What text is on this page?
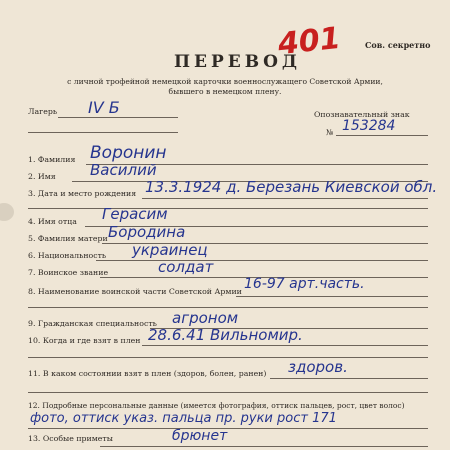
401	Сов. секретно
ПЕРЕВОД
с личной трофейной немецкой карточки военнослужащего Советской Армии,
бывшего в немецком плену.
Лагерь IV Б	Опознавательный знак
№ 153284
1. Фамилия Воронин
2. Имя Василий
3. Дата и место рождения 13.3.1924 д. Березань Киевской обл.
4. Имя отца Герасим
5. Фамилия матери Бородина
6. Национальность украинец
7. Воинское звание	солдат
8. Наименование воинской части Советской Армии 16-97 арт.часть.
9. Гражданская специальность агроном
10. Когда и где взят в плен 28.6.41 Вильномир.
11. В каком состоянии взят в плен (здоров, болен, ранен) здоров.
12. Подробные персональные данные (имеется фотография, оттиск пальцев, рост, цвет волос)
фото, оттиск указ. пальца пр. руки рост 171
13. Особые приметы	брюнет
